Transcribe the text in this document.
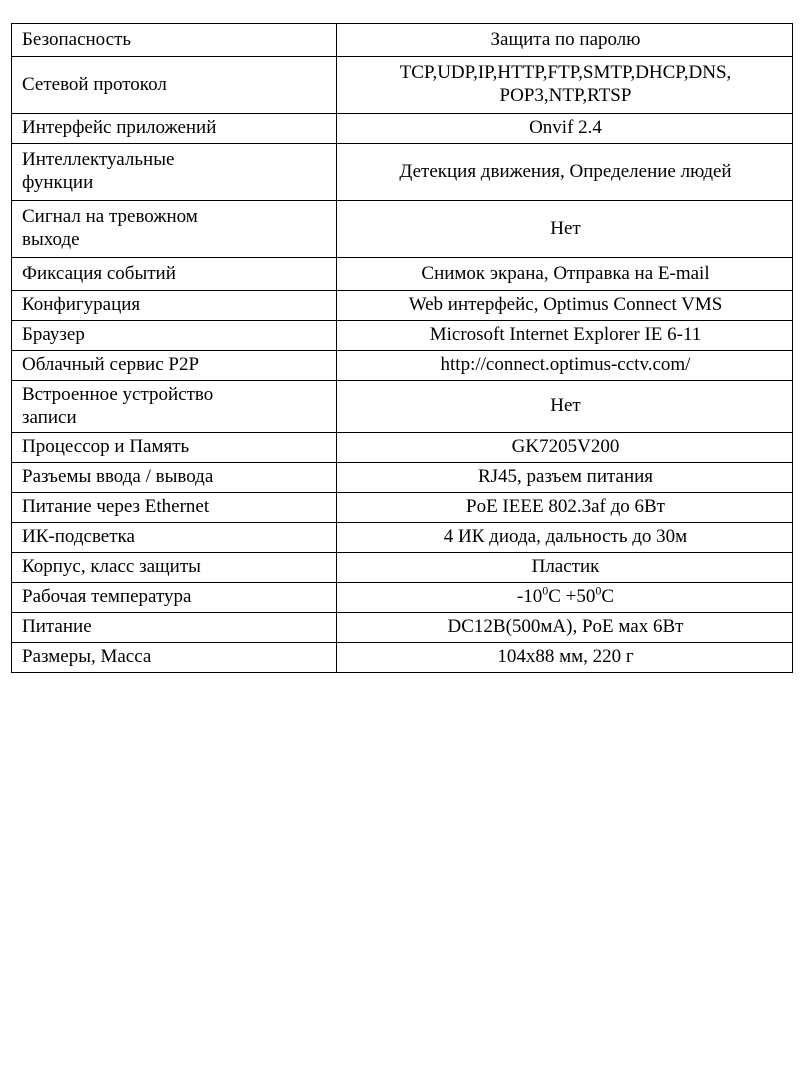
Безопасность	Защита по паролю
Сетевой протокол	TCP,UDP,IP,HTTP,FTP,SMTP,DHCP,DNS,
POP3,NTP,RTSP
Интерфейс приложений	Onvif 2.4
Интеллектуальные
функции	Детекция движения, Определение людей
Сигнал на тревожном
выходе	Нет
Фиксация событий	Снимок экрана, Отправка на E-mail
Конфигурация	Web интерфейс, Optimus Connect VMS
Браузер	Microsoft Internet Explorer IE 6-11
Облачный сервис P2P	http://connect.optimus-cctv.com/
Встроенное устройство
записи	Нет
Процессор и Память	GK7205V200
Разъемы ввода / вывода	RJ45, разъем питания
Питание через Ethernet	PoE IEEE 802.3af до 6Вт
ИК-подсветка	4 ИК диода, дальность до 30м
Корпус, класс защиты	Пластик
Рабочая температура	$-10^0C +50^0C$
Питание	DC12В(500мА), PoE мах 6Вт
Размеры, Масса	104х88 мм, 220 г
